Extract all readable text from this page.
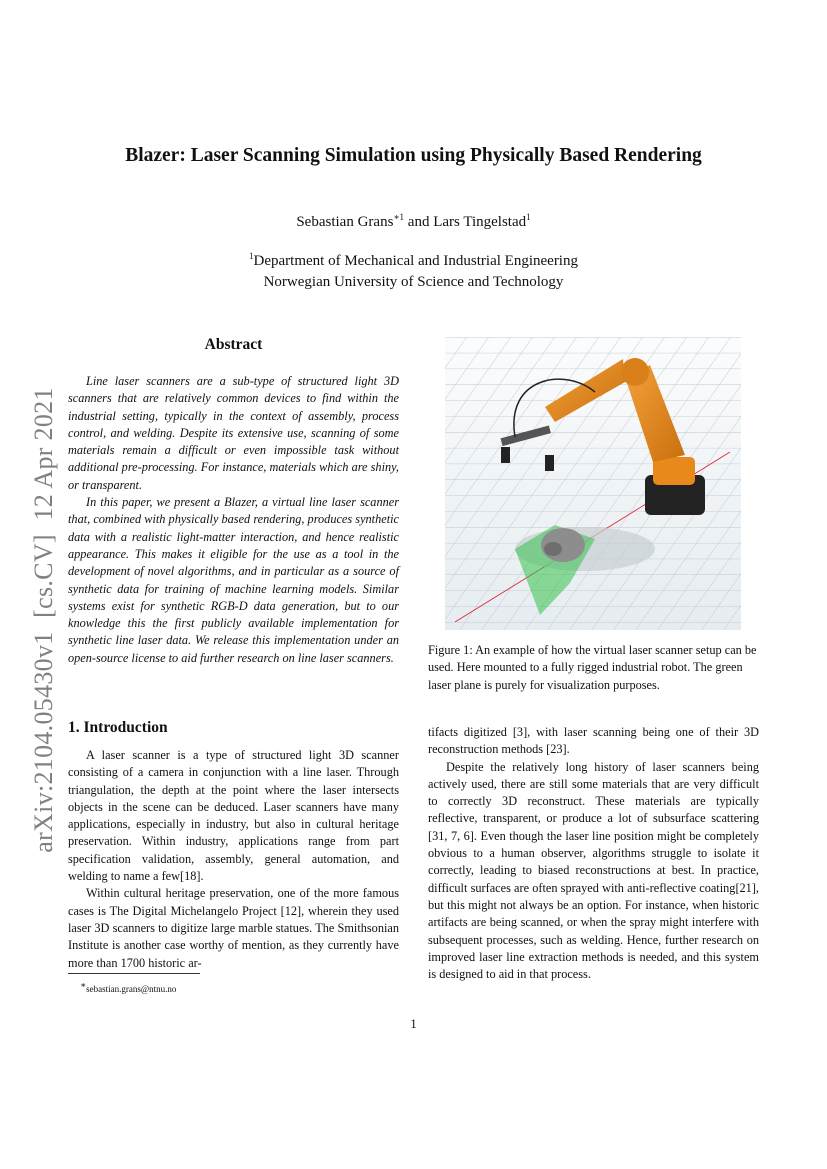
Blazer: Laser Scanning Simulation using Physically Based Rendering
Sebastian Grans$^{∗1}$ and Lars Tingelstad$^1$
$^1$Department of Mechanical and Industrial Engineering
Norwegian University of Science and Technology
arXiv:2104.05430v1  [cs.CV]  12 Apr 2021
Abstract

Line laser scanners are a sub-type of structured light 3D scanners that are relatively common devices to find within the industrial setting, typically in the context of assembly, process control, and welding. Despite its extensive use, scanning of some materials remain a difficult or even impossible task without additional pre-processing. For instance, materials which are shiny, or transparent.

In this paper, we present a Blazer, a virtual line laser scanner that, combined with physically based rendering, produces synthetic data with a realistic light-matter interaction, and hence realistic appearance. This makes it eligible for the use as a tool in the development of novel algorithms, and in particular as a source of synthetic data for training of machine learning models. Similar systems exist for synthetic RGB-D data generation, but to our knowledge this the first publicly available implementation for synthetic line laser data. We release this implementation under an open-source license to aid further research on line laser scanners.

Figure 1: An example of how the virtual laser scanner setup can be used. Here mounted to a fully rigged industrial robot. The green laser plane is purely for visualization purposes.
1. Introduction

A laser scanner is a type of structured light 3D scanner consisting of a camera in conjunction with a line laser. Through triangulation, the depth at the point where the laser intersects objects in the scene can be deduced. Laser scanners have many applications, especially in industry, but also in cultural heritage preservation. Within industry, applications range from part specification validation, assembly, general automation, and welding to name a few[18].

Within cultural heritage preservation, one of the more famous cases is The Digital Michelangelo Project [12], wherein they used laser 3D scanners to digitize large marble statues. The Smithsonian Institute is another case worthy of mention, as they currently have more than 1700 historic ar-

tifacts digitized [3], with laser scanning being one of their 3D reconstruction methods [23].

Despite the relatively long history of laser scanners being actively used, there are still some materials that are very difficult to correctly 3D reconstruct. These materials are typically reflective, transparent, or produce a lot of subsurface scattering [31, 7, 6]. Even though the laser line position might be completely obvious to a human observer, algorithms struggle to isolate it correctly, leading to biased reconstructions at best. In practice, difficult surfaces are often sprayed with anti-reflective coating[21], but this might not always be an option. For instance, when historic artifacts are being scanned, or when the spray might interfere with subsequent processes, such as welding. Hence, further research on improved laser line extraction methods is needed, and this system is designed to aid in that process.

∗sebastian.grans@ntnu.no
1
